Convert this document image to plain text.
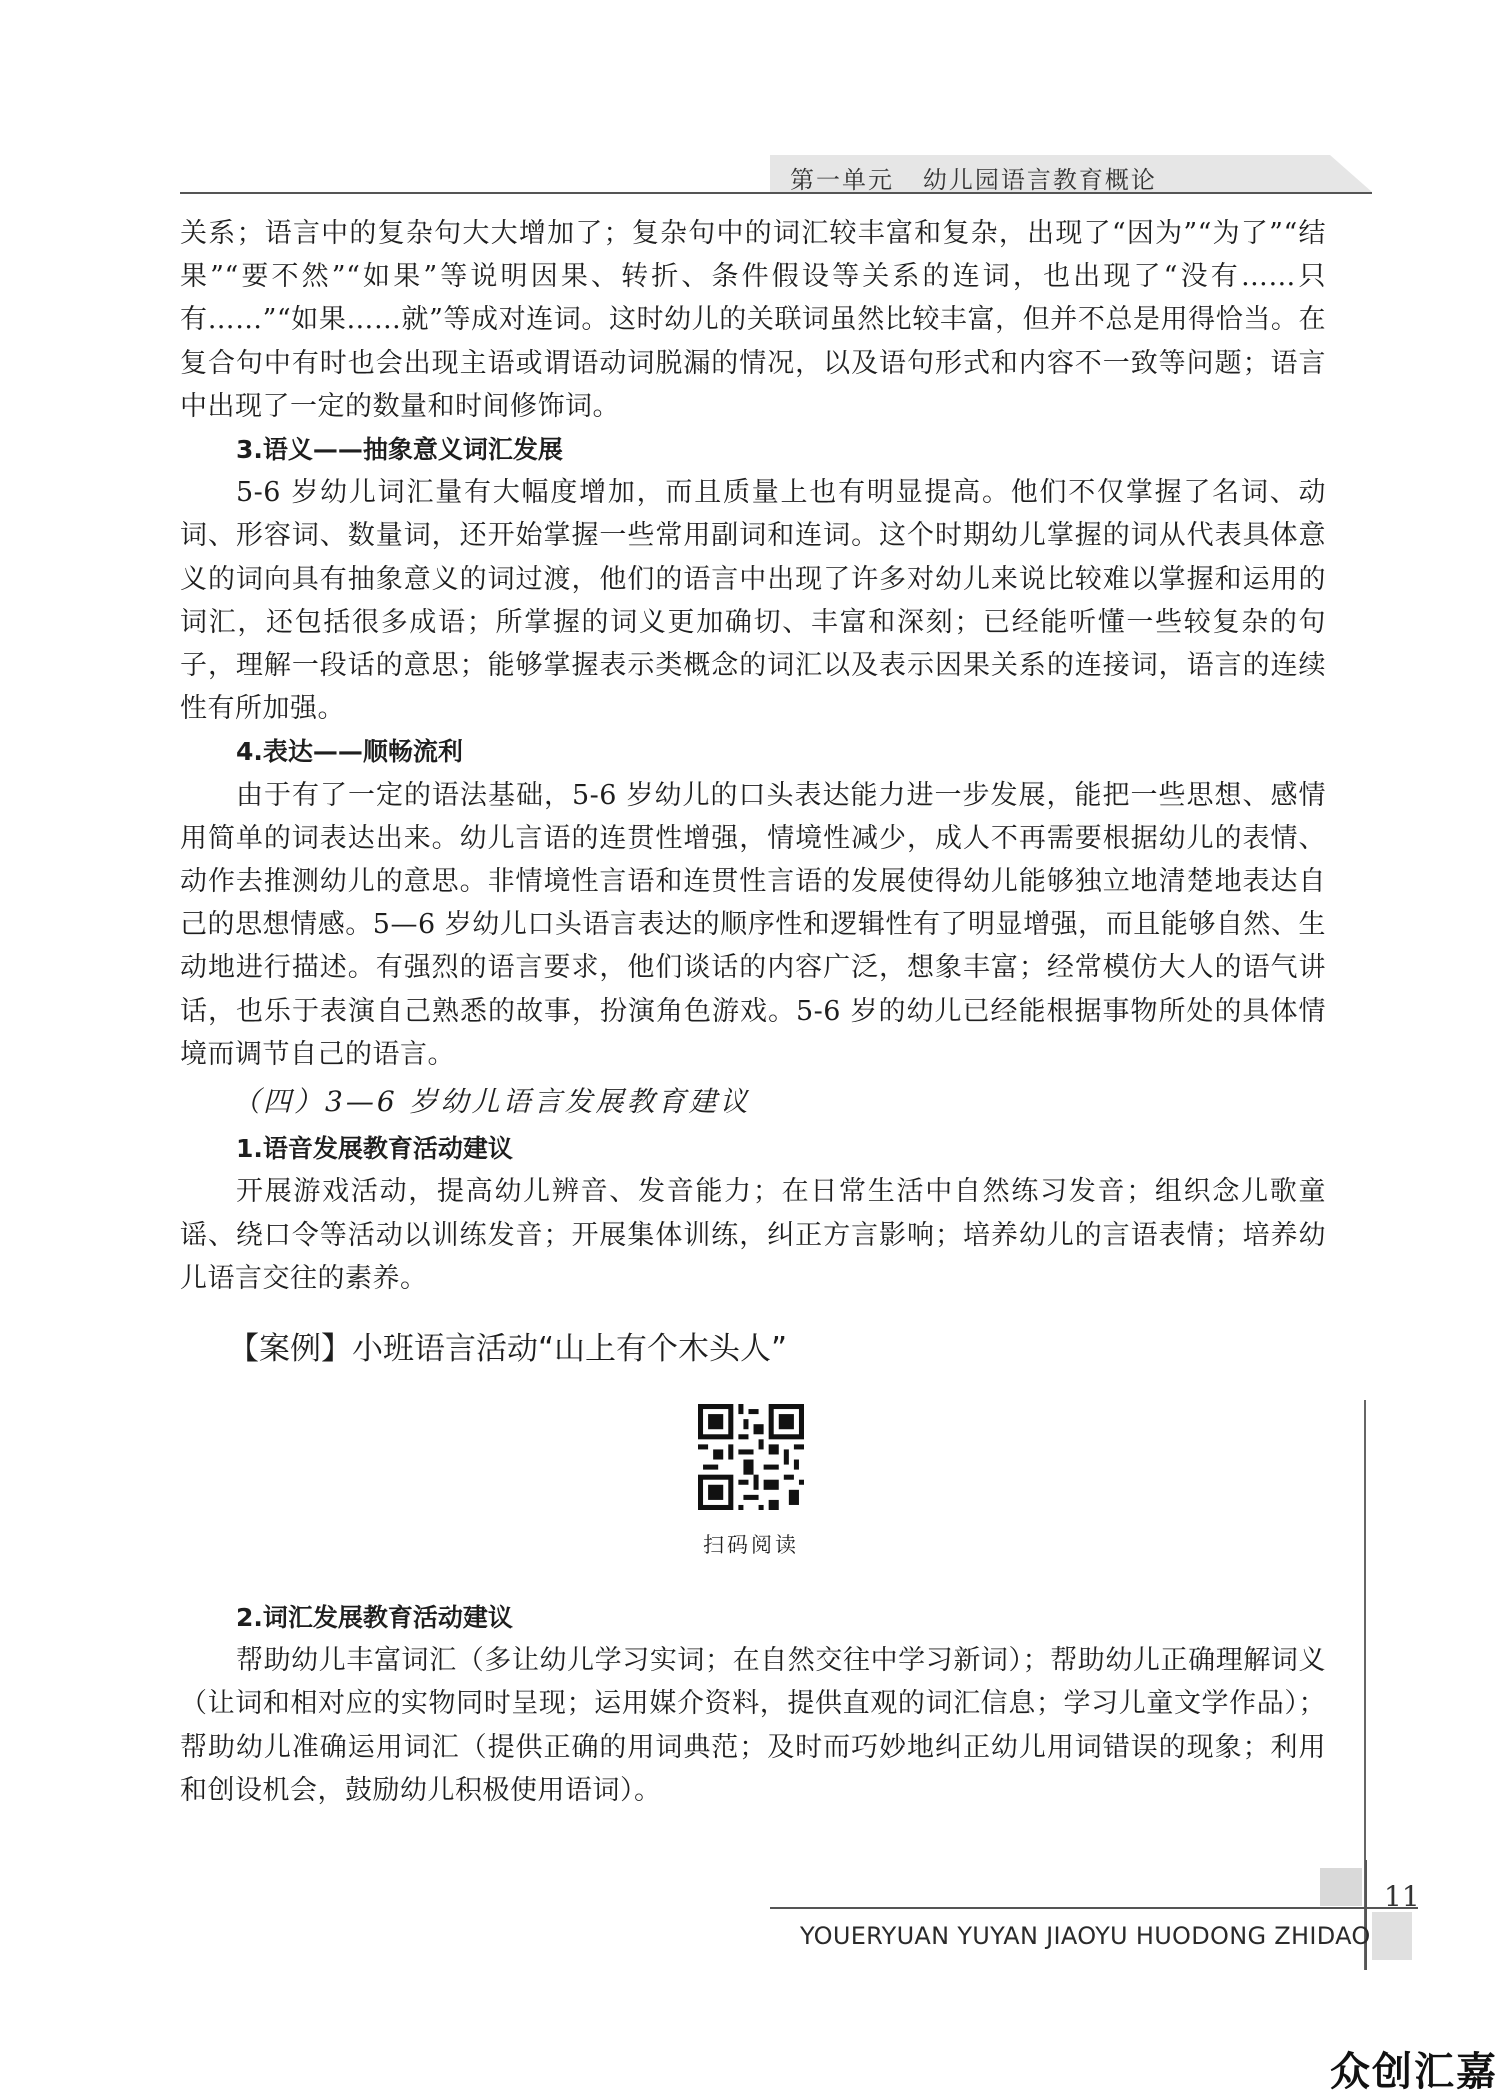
第一单元   幼儿园语言教育概论

关系；语言中的复杂句大大增加了；复杂句中的词汇较丰富和复杂，出现了“因为”“为了”“结果”“要不然”“如果”等说明因果、转折、条件假设等关系的连词，也出现了“没有……只有……”“如果……就”等成对连词。这时幼儿的关联词虽然比较丰富，但并不总是用得恰当。在复合句中有时也会出现主语或谓语动词脱漏的情况，以及语句形式和内容不一致等问题；语言中出现了一定的数量和时间修饰词。

3.语义——抽象意义词汇发展

5-6 岁幼儿词汇量有大幅度增加，而且质量上也有明显提高。他们不仅掌握了名词、动词、形容词、数量词，还开始掌握一些常用副词和连词。这个时期幼儿掌握的词从代表具体意义的词向具有抽象意义的词过渡，他们的语言中出现了许多对幼儿来说比较难以掌握和运用的词汇，还包括很多成语；所掌握的词义更加确切、丰富和深刻；已经能听懂一些较复杂的句子，理解一段话的意思；能够掌握表示类概念的词汇以及表示因果关系的连接词，语言的连续性有所加强。

4.表达——顺畅流利

由于有了一定的语法基础，5-6 岁幼儿的口头表达能力进一步发展，能把一些思想、感情用简单的词表达出来。幼儿言语的连贯性增强，情境性减少，成人不再需要根据幼儿的表情、动作去推测幼儿的意思。非情境性言语和连贯性言语的发展使得幼儿能够独立地清楚地表达自己的思想情感。5—6 岁幼儿口头语言表达的顺序性和逻辑性有了明显增强，而且能够自然、生动地进行描述。有强烈的语言要求，他们谈话的内容广泛，想象丰富；经常模仿大人的语气讲话，也乐于表演自己熟悉的故事，扮演角色游戏。5-6 岁的幼儿已经能根据事物所处的具体情境而调节自己的语言。

（四）3—6 岁幼儿语言发展教育建议

1.语音发展教育活动建议

开展游戏活动，提高幼儿辨音、发音能力；在日常生活中自然练习发音；组织念儿歌童谣、绕口令等活动以训练发音；开展集体训练，纠正方言影响；培养幼儿的言语表情；培养幼儿语言交往的素养。

【案例】小班语言活动“山上有个木头人”

扫码阅读

2.词汇发展教育活动建议

帮助幼儿丰富词汇（多让幼儿学习实词；在自然交往中学习新词）；帮助幼儿正确理解词义（让词和相对应的实物同时呈现；运用媒介资料，提供直观的词汇信息；学习儿童文学作品）；帮助幼儿准确运用词汇（提供正确的用词典范；及时而巧妙地纠正幼儿用词错误的现象；利用和创设机会，鼓励幼儿积极使用语词）。

11
YOUERYUAN YUYAN JIAOYU HUODONG ZHIDAO
众创汇嘉
